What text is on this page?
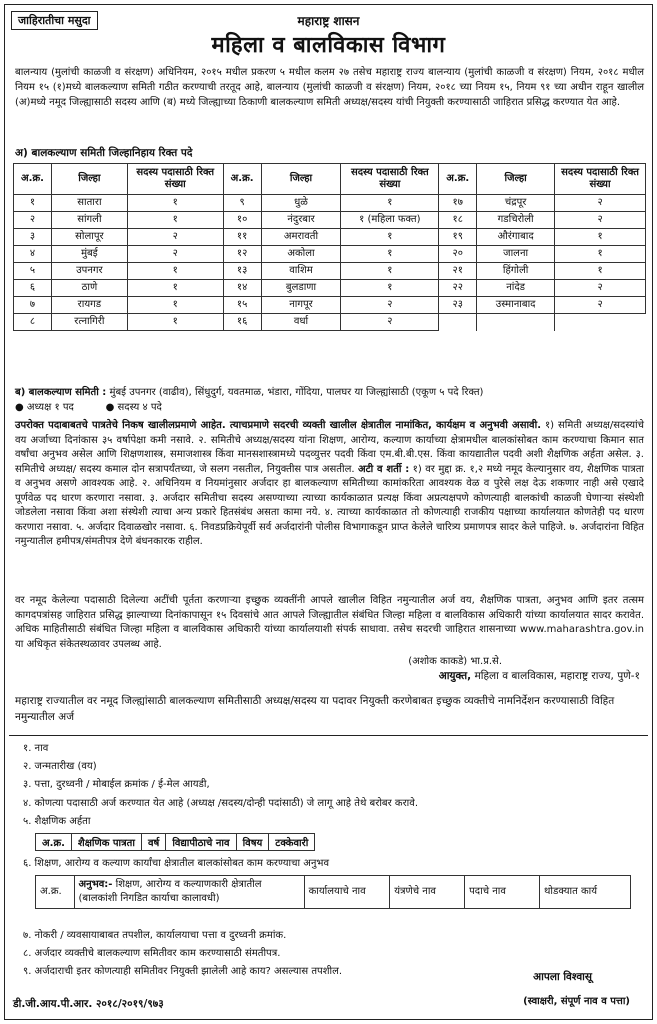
जाहिरातीचा मसुदा	महाराष्ट्र शासन
महिला व बालविकास विभाग
बालन्याय (मुलांची काळजी व संरक्षण) अधिनियम, २०१५ मधील प्रकरण ५ मधील कलम २७ तसेच महाराष्ट्र राज्य बालन्याय (मुलांची काळजी व संरक्षण) नियम, २०१८ मधील नियम १५ (१)मध्ये बालकल्याण समिती गठीत करण्याची तरतूद आहे, बालन्याय (मुलांची काळजी व संरक्षण) नियम, २०१८ च्या नियम १५, नियम ९१ च्या अधीन राहून खालील (अ)मध्ये नमूद जिल्ह्यासाठी सदस्य आणि (ब) मध्ये जिल्ह्याच्या ठिकाणी बालकल्याण समिती अध्यक्ष/सदस्य यांची नियुक्ती करण्यासाठी जाहिरात प्रसिद्ध करण्यात येत आहे.
अ) बालकल्याण समिती जिल्हानिहाय रिक्त पदे
अ.क्र.	जिल्हा	सदस्य पदासाठी रिक्त संख्या	अ.क्र.	जिल्हा	सदस्य पदासाठी रिक्त संख्या	अ.क्र.	जिल्हा	सदस्य पदासाठी रिक्त संख्या
१	सातारा	१	९	धुळे	१	१७	चंद्रपूर	२
२	सांगली	१	१०	नंदुरबार	१ (महिला फक्त)	१८	गडचिरोली	२
३	सोलापूर	२	११	अमरावती	१	१९	औरंगाबाद	१
४	मुंबई	२	१२	अकोला	१	२०	जालना	१
५	उपनगर	१	१३	वाशिम	१	२१	हिंगोली	१
६	ठाणे	१	१४	बुलडाणा	१	२२	नांदेड	२
७	रायगड	१	१५	नागपूर	२	२३	उस्मानाबाद	२
८	रत्नागिरी	१	१६	वर्धा	२			
ब) बालकल्याण समिती : मुंबई उपनगर (वाढीव), सिंधुदुर्ग, यवतमाळ, भंडारा, गोंदिया, पालघर या जिल्ह्यांसाठी (एकूण ५ पदे रिक्त)
● अध्यक्ष १ पद          ● सदस्य ४ पदे
उपरोक्त पदाबाबतचे पात्रतेचे निकष खालीलप्रमाणे आहेत. त्याचप्रमाणे सदरची व्यक्ती खालील क्षेत्रातील नामांकित, कार्यक्षम व अनुभवी असावी. १) समिती अध्यक्ष/सदस्यांचे वय अर्जाच्या दिनांकास ३५ वर्षापेक्षा कमी नसावे. २. समितीचे अध्यक्ष/सदस्य यांना शिक्षण, आरोग्य, कल्याण कार्याच्या क्षेत्रामधील बालकांसोबत काम करण्याचा किमान सात वर्षांचा अनुभव असेल आणि शिक्षणशास्त्र, समाजशास्त्र किंवा मानसशास्त्रामध्ये पदव्युत्तर पदवी किंवा एम.बी.बी.एस. किंवा कायद्यातील पदवी अशी शैक्षणिक अर्हता असेल. ३. समितीचे अध्यक्ष/ सदस्य कमाल दोन सत्रापर्यंतच्या, जे सलग नसतील, नियुक्तीस पात्र असतील. अटी व शर्ती : १) वर मुद्दा क्र. १,२ मध्ये नमूद केल्यानुसार वय, शैक्षणिक पात्रता व अनुभव असणे आवश्यक आहे. २. अधिनियम व नियमांनुसार अर्जदार हा बालकल्याण समितीच्या कामांकरिता आवश्यक वेळ व पुरेसे लक्ष देऊ शकणार नाही असे एखादे पूर्णवेळ पद धारण करणारा नसावा. ३. अर्जदार समितीचा सदस्य असण्याच्या त्याच्या कार्यकाळात प्रत्यक्ष किंवा अप्रत्यक्षपणे कोणत्याही बालकांची काळजी घेणाऱ्या संस्थेशी जोडलेला नसावा किंवा अशा संस्थेशी त्याचा अन्य प्रकारे हितसंबंध असता कामा नये. ४. त्याच्या कार्यकाळात तो कोणत्याही राजकीय पक्षाच्या कार्यालयात कोणतेही पद धारण करणारा नसावा. ५. अर्जदार दिवाळखोर नसावा. ६. निवडप्रक्रियेपूर्वी सर्व अर्जदारांनी पोलीस विभागाकडून प्राप्त केलेले चारित्र्य प्रमाणपत्र सादर केले पाहिजे. ७. अर्जदारांना विहित नमुन्यातील हमीपत्र/संमतीपत्र देणे बंधनकारक राहील.
वर नमूद केलेल्या पदासाठी दिलेल्या अटींची पूर्तता करणाऱ्या इच्छुक व्यक्तींनी आपले खालील विहित नमुन्यातील अर्ज वय, शैक्षणिक पात्रता, अनुभव आणि इतर तत्सम कागदपत्रांसह जाहिरात प्रसिद्ध झाल्याच्या दिनांकापासून १५ दिवसांचे आत आपले जिल्ह्यातील संबंधित जिल्हा महिला व बालविकास अधिकारी यांच्या कार्यालयात सादर करावेत. अधिक माहितीसाठी संबंधित जिल्हा महिला व बालविकास अधिकारी यांच्या कार्यालयाशी संपर्क साधावा. तसेच सदरची जाहिरात शासनाच्या www.maharashtra.gov.in या अधिकृत संकेतस्थळावर उपलब्ध आहे.
(अशोक काकडे) भा.प्र.से.
आयुक्त, महिला व बालविकास, महाराष्ट्र राज्य, पुणे-१
महाराष्ट्र राज्यातील वर नमूद जिल्ह्यांसाठी बालकल्याण समितीसाठी अध्यक्ष/सदस्य या पदावर नियुक्ती करणेबाबत इच्छुक व्यक्तीचे नामनिर्देशन करण्यासाठी विहित नमुन्यातील अर्ज
१. नाव
२. जन्मतारीख (वय)
३. पत्ता, दुरध्वनी / मोबाईल क्रमांक / ई-मेल आयडी,
४. कोणत्या पदासाठी अर्ज करण्यात येत आहे (अध्यक्ष /सदस्य/दोन्ही पदांसाठी) जे लागू आहे तेथे बरोबर करावे.
५. शैक्षणिक अर्हता
अ.क्र.	शैक्षणिक पात्रता	वर्ष	विद्यापीठाचे नाव	विषय	टक्केवारी
६. शिक्षण, आरोग्य व कल्याण कार्यांचा क्षेत्रातील बालकांसोबत काम करण्याचा अनुभव
अ.क्र.	अनुभव:- शिक्षण, आरोग्य व कल्याणकारी क्षेत्रातील (बालकांशी निगडित कार्याचा कालावधी)	कार्यालयाचे नाव	यंत्रणेचे नाव	पदाचे नाव	थोडक्यात कार्य
७. नोकरी / व्यवसायाबाबत तपशील, कार्यालयाचा पत्ता व दुरध्वनी क्रमांक.
८. अर्जदार व्यक्तीचे बालकल्याण समितीवर काम करण्यासाठी संमतीपत्र.
९. अर्जदाराची इतर कोणत्याही समितीवर नियुक्ती झालेली आहे काय? असल्यास तपशील.	आपला विश्वासू
(स्वाक्षरी, संपूर्ण नाव व पत्ता)
डी.जी.आय.पी.आर. २०१८/२०१९/९७३
